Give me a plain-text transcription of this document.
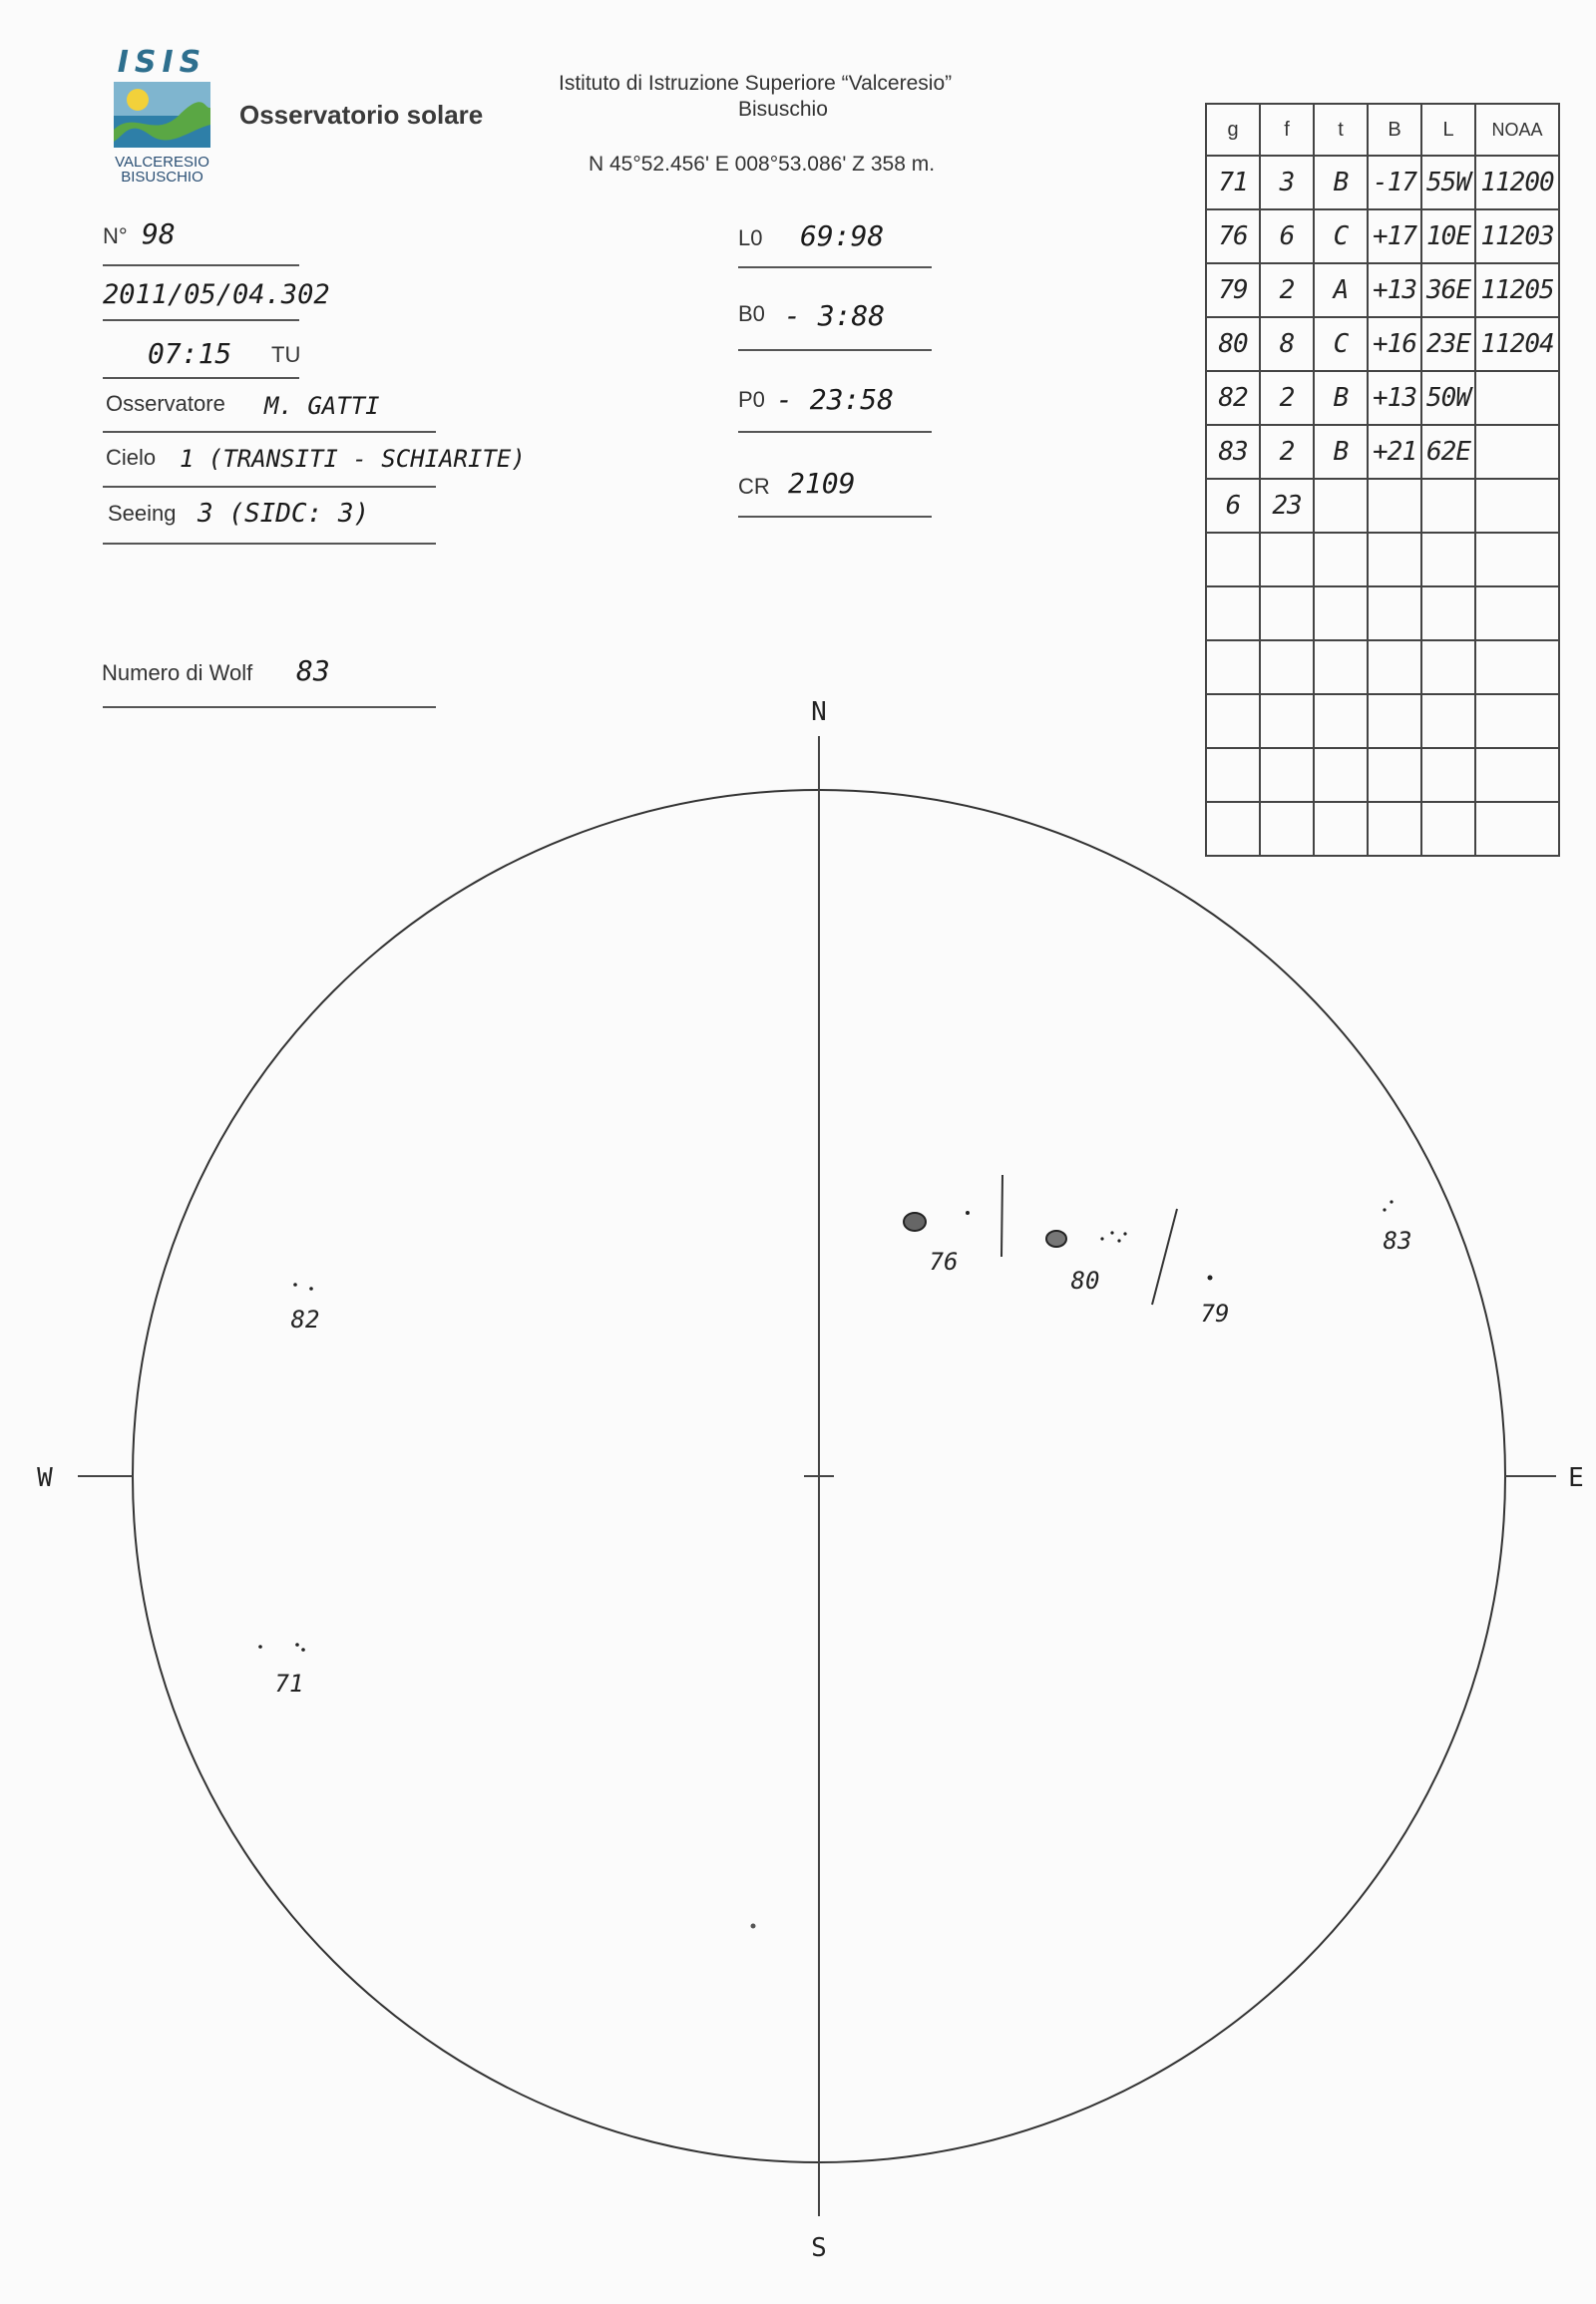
ISIS
VALCERESIO
BISUSCHIO
Osservatorio solare
Istituto di Istruzione Superiore “Valceresio”
Bisuschio
N 45°52.456' E 008°53.086' Z 358 m.
N° 98
2011/05/04.302
07:15 TU
Osservatore M. GATTI
Cielo 1 (TRANSITI - SCHIARITE)
Seeing 3 (SIDC: 3)
Numero di Wolf 83
L0 69:98
B0 - 3:88
P0 - 23:58
CR 2109
g	f	t	B	L	NOAA
71	3	B	-17	55W	11200
76	6	C	+17	10E	11203
79	2	A	+13	36E	11205
80	8	C	+16	23E	11204
82	2	B	+13	50W	
83	2	B	+21	62E	
6	23				

N
S
W	E
76
80
79
83
82
71
